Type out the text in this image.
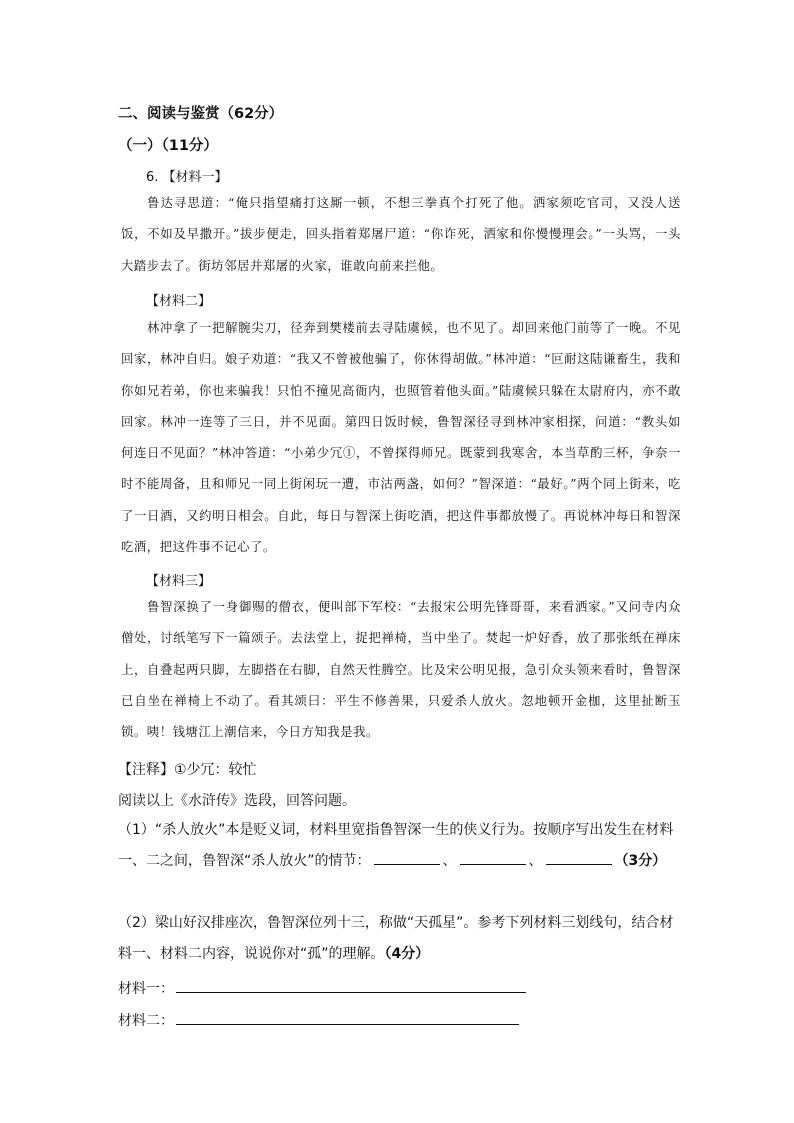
二、阅读与鉴赏（62分）
（一）（11分）
6. 【材料一】

鲁达寻思道：“俺只指望痛打这厮一顿，不想三拳真个打死了他。洒家须吃官司，又没人送饭，不如及早撒开。”拔步便走，回头指着郑屠尸道：“你诈死，洒家和你慢慢理会。”一头骂，一头大踏步去了。街坊邻居并郑屠的火家，谁敢向前来拦他。

【材料二】

林冲拿了一把解腕尖刀，径奔到樊楼前去寻陆虞候，也不见了。却回来他门前等了一晚。不见回家，林冲自归。娘子劝道：“我又不曾被他骗了，你休得胡做。”林冲道：“叵耐这陆谦畜生，我和你如兄若弟，你也来骗我！只怕不撞见高衙内，也照管着他头面。”陆虞候只躲在太尉府内，亦不敢回家。林冲一连等了三日，并不见面。第四日饭时候，鲁智深径寻到林冲家相探，问道：“教头如何连日不见面？”林冲答道：“小弟少冗①，不曾探得师兄。既蒙到我寒舍，本当草酌三杯，争奈一时不能周备，且和师兄一同上街闲玩一遭，市沽两盏，如何？”智深道：“最好。”两个同上街来，吃了一日酒，又约明日相会。自此，每日与智深上街吃酒，把这件事都放慢了。再说林冲每日和智深吃酒，把这件事不记心了。

【材料三】

鲁智深换了一身御赐的僧衣，便叫部下军校：“去报宋公明先锋哥哥，来看洒家。”又问寺内众僧处，讨纸笔写下一篇颂子。去法堂上，捉把禅椅，当中坐了。焚起一炉好香，放了那张纸在禅床上，自叠起两只脚，左脚搭在右脚，自然天性腾空。比及宋公明见报，急引众头领来看时，鲁智深已自坐在禅椅上不动了。看其颂曰：平生不修善果，只爱杀人放火。忽地顿开金枷，这里扯断玉锁。咦！钱塘江上潮信来，今日方知我是我。

【注释】①少冗：较忙
阅读以上《水浒传》选段，回答问题。

（1）“杀人放火”本是贬义词，材料里宽指鲁智深一生的侠义行为。按顺序写出发生在材料一、二之间，鲁智深“杀人放火”的情节：	、	、	（3分）

（2）梁山好汉排座次，鲁智深位列十三，称做“天孤星”。参考下列材料三划线句，结合材料一、材料二内容，说说你对“孤”的理解。（4分）

材料一：
材料二：
